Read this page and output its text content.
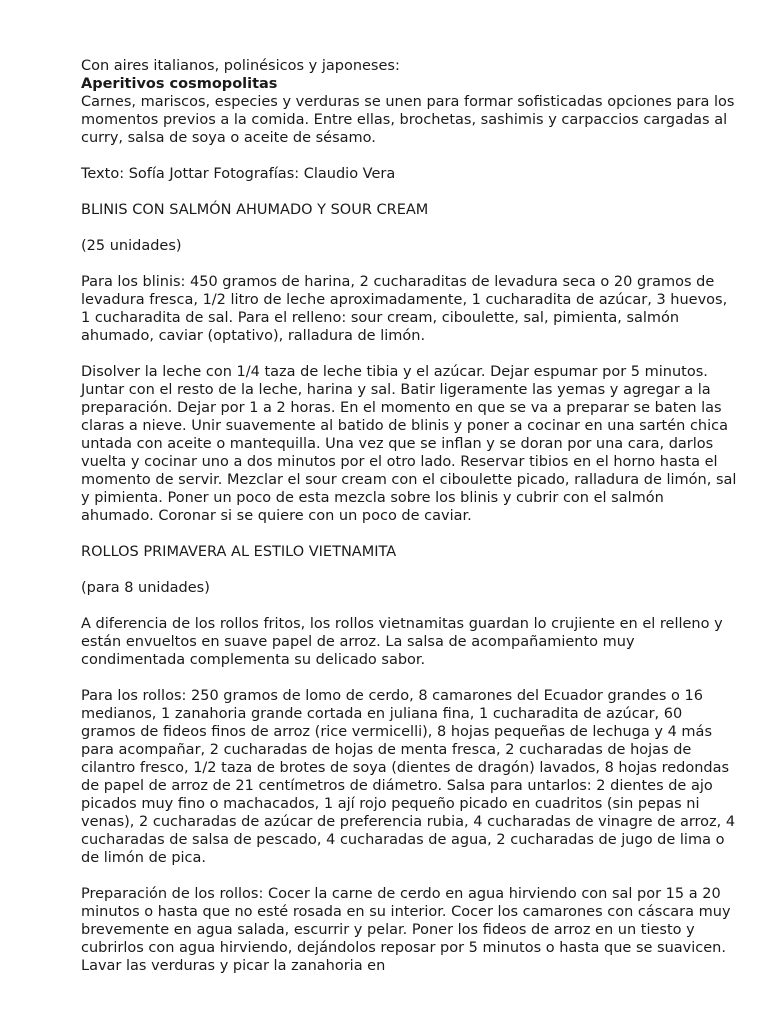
Con aires italianos, polinésicos y japoneses:

Aperitivos cosmopolitas

Carnes, mariscos, especies y verduras se unen para formar sofisticadas opciones para los momentos previos a la comida. Entre ellas, brochetas, sashimis y carpaccios cargadas al curry, salsa de soya o aceite de sésamo.

Texto: Sofía Jottar Fotografías: Claudio Vera

BLINIS CON SALMÓN AHUMADO Y SOUR CREAM

(25 unidades)

Para los blinis: 450 gramos de harina, 2 cucharaditas de levadura seca o 20 gramos de levadura fresca, 1/2 litro de leche aproximadamente, 1 cucharadita de azúcar, 3 huevos, 1 cucharadita de sal. Para el relleno: sour cream, ciboulette, sal, pimienta, salmón ahumado, caviar (optativo), ralladura de limón.

Disolver la leche con 1/4 taza de leche tibia y el azúcar. Dejar espumar por 5 minutos. Juntar con el resto de la leche, harina y sal. Batir ligeramente las yemas y agregar a la preparación. Dejar por 1 a 2 horas. En el momento en que se va a preparar se baten las claras a nieve. Unir suavemente al batido de blinis y poner a cocinar en una sartén chica untada con aceite o mantequilla. Una vez que se inflan y se doran por una cara, darlos vuelta y cocinar uno a dos minutos por el otro lado. Reservar tibios en el horno hasta el momento de servir. Mezclar el sour cream con el ciboulette picado, ralladura de limón, sal y pimienta. Poner un poco de esta mezcla sobre los blinis y cubrir con el salmón ahumado. Coronar si se quiere con un poco de caviar.

ROLLOS PRIMAVERA AL ESTILO VIETNAMITA

(para 8 unidades)

A diferencia de los rollos fritos, los rollos vietnamitas guardan lo crujiente en el relleno y están envueltos en suave papel de arroz. La salsa de acompañamiento muy condimentada complementa su delicado sabor.

Para los rollos: 250 gramos de lomo de cerdo, 8 camarones del Ecuador grandes o 16 medianos, 1 zanahoria grande cortada en juliana fina, 1 cucharadita de azúcar, 60 gramos de fideos finos de arroz (rice vermicelli), 8 hojas pequeñas de lechuga y 4 más para acompañar, 2 cucharadas de hojas de menta fresca, 2 cucharadas de hojas de cilantro fresco, 1/2 taza de brotes de soya (dientes de dragón) lavados, 8 hojas redondas de papel de arroz de 21 centímetros de diámetro. Salsa para untarlos: 2 dientes de ajo picados muy fino o machacados, 1 ají rojo pequeño picado en cuadritos (sin pepas ni venas), 2 cucharadas de azúcar de preferencia rubia, 4 cucharadas de vinagre de arroz, 4 cucharadas de salsa de pescado, 4 cucharadas de agua, 2 cucharadas de jugo de lima o de limón de pica.

Preparación de los rollos: Cocer la carne de cerdo en agua hirviendo con sal por 15 a 20 minutos o hasta que no esté rosada en su interior. Cocer los camarones con cáscara muy brevemente en agua salada, escurrir y pelar. Poner los fideos de arroz en un tiesto y cubrirlos con agua hirviendo, dejándolos reposar por 5 minutos o hasta que se suavicen. Lavar las verduras y picar la zanahoria en
